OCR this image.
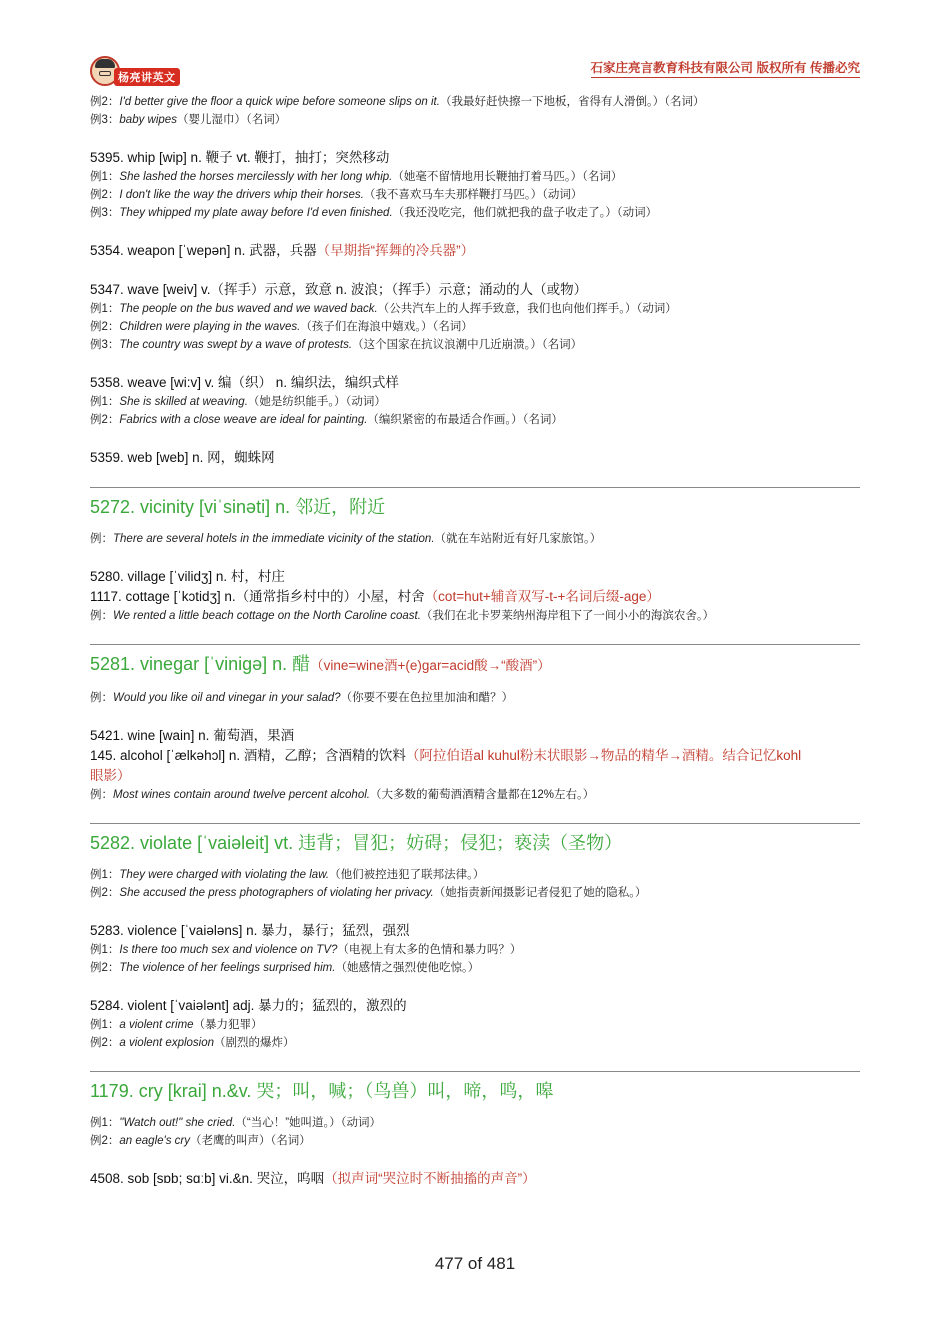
杨亮讲英文
石家庄亮言教育科技有限公司 版权所有 传播必究
例2：I'd better give the floor a quick wipe before someone slips on it.（我最好赶快擦一下地板，省得有人滑倒。）（名词）
例3：baby wipes（婴儿湿巾）（名词）
5395. whip [wip] n. 鞭子 vt. 鞭打，抽打；突然移动
例1：She lashed the horses mercilessly with her long whip.（她毫不留情地用长鞭抽打着马匹。）（名词）
例2：I don't like the way the drivers whip their horses.（我不喜欢马车夫那样鞭打马匹。）（动词）
例3：They whipped my plate away before I'd even finished.（我还没吃完，他们就把我的盘子收走了。）（动词）
5354. weapon [ˈwepən] n. 武器，兵器（早期指“挥舞的冷兵器”）
5347. wave [weiv] v.（挥手）示意，致意 n. 波浪；（挥手）示意；涌动的人（或物）
例1：The people on the bus waved and we waved back.（公共汽车上的人挥手致意，我们也向他们挥手。）（动词）
例2：Children were playing in the waves.（孩子们在海浪中嬉戏。）（名词）
例3：The country was swept by a wave of protests.（这个国家在抗议浪潮中几近崩溃。）（名词）
5358. weave [wi:v] v. 编（织） n. 编织法，编织式样
例1：She is skilled at weaving.（她是纺织能手。）（动词）
例2：Fabrics with a close weave are ideal for painting.（编织紧密的布最适合作画。）（名词）
5359. web [web] n. 网，蜘蛛网
5272. vicinity [viˈsinəti] n. 邻近，附近
例：There are several hotels in the immediate vicinity of the station.（就在车站附近有好几家旅馆。）
5280. village [ˈvilidʒ] n. 村，村庄
1117. cottage [ˈkɔtidʒ] n.（通常指乡村中的）小屋，村舍（cot=hut+辅音双写-t-+名词后缀-age）
例：We rented a little beach cottage on the North Caroline coast.（我们在北卡罗莱纳州海岸租下了一间小小的海滨农舍。）
5281. vinegar [ˈvinigə] n. 醋（vine=wine酒+(e)gar=acid酸→“酸酒”）
例：Would you like oil and vinegar in your salad?（你要不要在色拉里加油和醋？）
5421. wine [wain] n. 葡萄酒，果酒
145. alcohol [ˈælkəhɔl] n. 酒精，乙醇；含酒精的饮料（阿拉伯语al kuhul粉末状眼影→物品的精华→酒精。结合记忆kohl
眼影）
例：Most wines contain around twelve percent alcohol.（大多数的葡萄酒酒精含量都在12%左右。）
5282. violate [ˈvaiəleit] vt. 违背；冒犯；妨碍；侵犯；亵渎（圣物）
例1：They were charged with violating the law.（他们被控违犯了联邦法律。）
例2：She accused the press photographers of violating her privacy.（她指责新闻摄影记者侵犯了她的隐私。）
5283. violence [ˈvaiələns] n. 暴力，暴行；猛烈，强烈
例1：Is there too much sex and violence on TV?（电视上有太多的色情和暴力吗？）
例2：The violence of her feelings surprised him.（她感情之强烈使他吃惊。）
5284. violent [ˈvaiələnt] adj. 暴力的；猛烈的，激烈的
例1：a violent crime（暴力犯罪）
例2：a violent explosion（剧烈的爆炸）
1179. cry [krai] n.&v. 哭；叫，喊；（鸟兽）叫，啼，鸣，嗥
例1："Watch out!" she cried.（“当心！”她叫道。）（动词）
例2：an eagle's cry（老鹰的叫声）（名词）
4508. sob [sɒb; sɑːb] vi.&n. 哭泣，呜咽（拟声词“哭泣时不断抽搐的声音”）
477 of 481
